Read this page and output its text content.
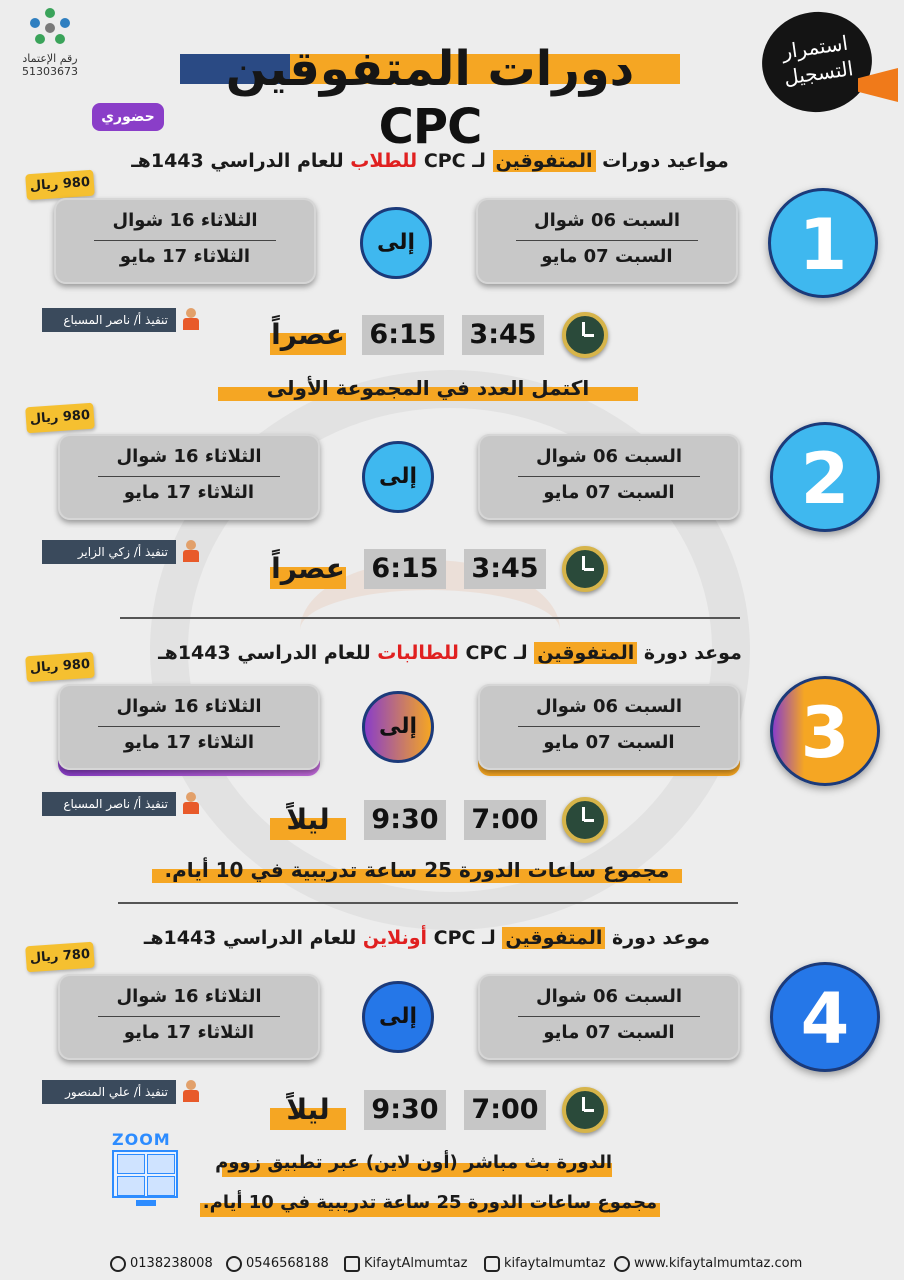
رقم الإعتماد
51303673	دورات المتفوقين CPC
استمرار
التسجيل
حضوري
مواعيد دورات المتفوقين لـ CPC للطلاب للعام الدراسي 1443هـ
980 ريال
الثلاثاء 16 شوال
الثلاثاء 17 مايو
إلى
السبت 06 شوال
السبت 07 مايو	1
تنفيذ أ/ ناصر المسباع	عصراً 6:15 3:45
اكتمل العدد في المجموعة الأولى
980 ريال
الثلاثاء 16 شوال
الثلاثاء 17 مايو
إلى
السبت 06 شوال
السبت 07 مايو	2
تنفيذ أ/ زكي الزاير	عصراً 6:15 3:45
موعد دورة المتفوقين لـ CPC للطالبات للعام الدراسي 1443هـ
980 ريال
الثلاثاء 16 شوال
الثلاثاء 17 مايو
إلى
السبت 06 شوال
السبت 07 مايو	3
تنفيذ أ/ ناصر المسباع	ليلاً	9:30 7:00
مجموع ساعات الدورة 25 ساعة تدريبية في 10 أيام.
موعد دورة المتفوقين لـ CPC أونلاين للعام الدراسي 1443هـ
780 ريال
الثلاثاء 16 شوال
الثلاثاء 17 مايو
إلى
السبت 06 شوال
السبت 07 مايو	4
تنفيذ أ/ علي المنصور
ليلاً	9:30 7:00
ZOOM
الدورة بث مباشر (أون لاين) عبر تطبيق زووم
مجموع ساعات الدورة 25 ساعة تدريبية في 10 أيام.
0138238008	0546568188	KifaytAlmumtaz	kifaytalmumtaz	www.kifaytalmumtaz.com
